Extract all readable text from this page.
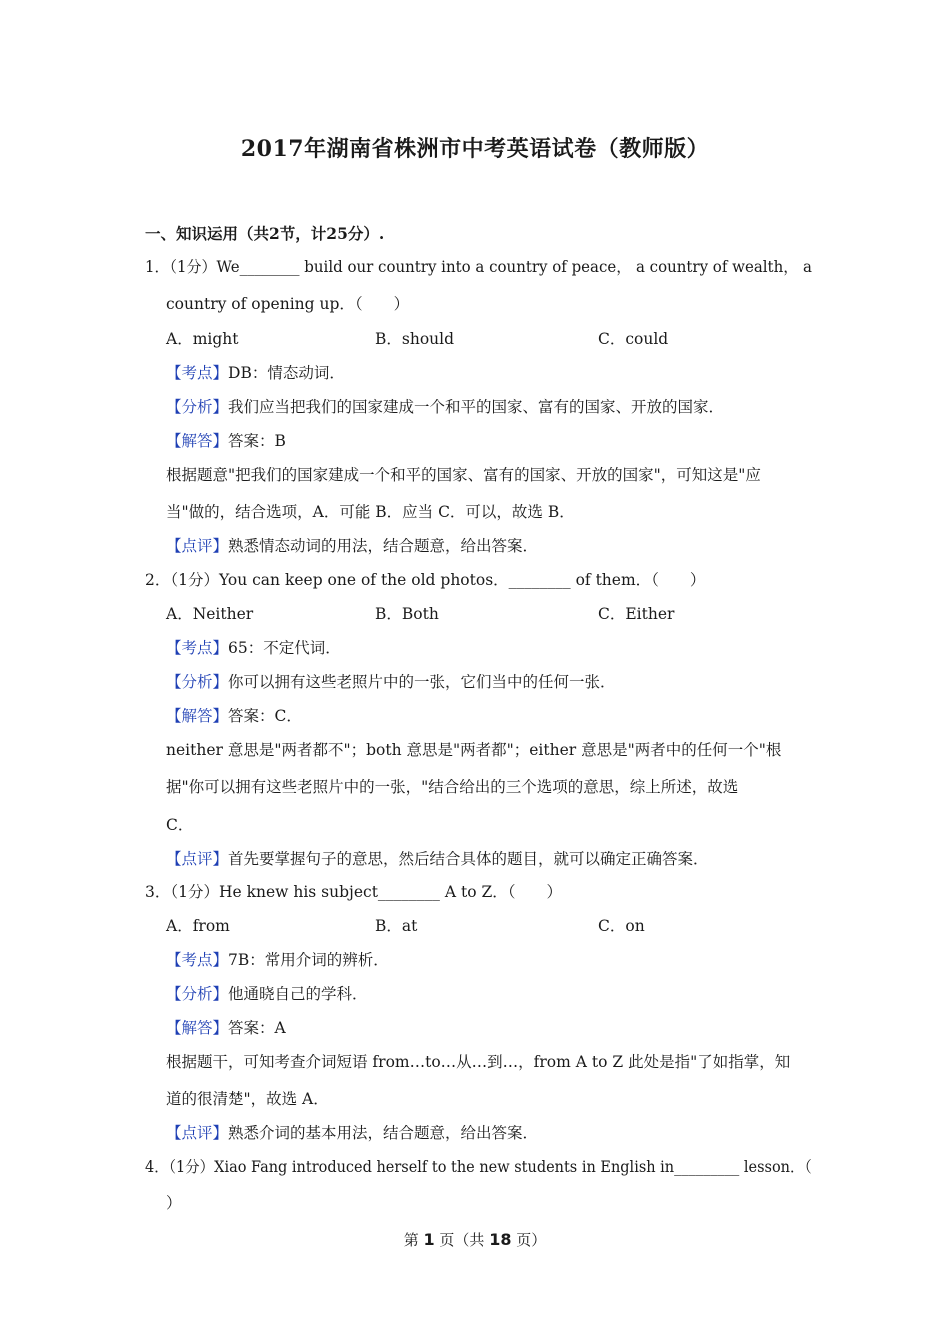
2017年湖南省株洲市中考英语试卷（教师版）
一、知识运用（共2节，计25分）.
1．（1分）We________ build our country into a country of peace， a country of wealth， a
country of opening up．（　　）
A．might	B．should	C．could
【考点】DB：情态动词．
【分析】我们应当把我们的国家建成一个和平的国家、富有的国家、开放的国家．
【解答】答案：B
根据题意"把我们的国家建成一个和平的国家、富有的国家、开放的国家"，可知这是"应
当"做的，结合选项，A．可能 B．应当 C．可以，故选 B．
【点评】熟悉情态动词的用法，结合题意，给出答案．
2．（1分）You can keep one of the old photos．________ of them．（　　）
A．Neither	B．Both	C．Either
【考点】65：不定代词．
【分析】你可以拥有这些老照片中的一张，它们当中的任何一张．
【解答】答案：C．
neither 意思是"两者都不"；both 意思是"两者都"；either 意思是"两者中的任何一个"根
据"你可以拥有这些老照片中的一张，"结合给出的三个选项的意思，综上所述，故选
C．
【点评】首先要掌握句子的意思，然后结合具体的题目，就可以确定正确答案．
3．（1分）He knew his subject________ A to Z．（　　）
A．from	B．at	C．on
【考点】7B：常用介词的辨析．
【分析】他通晓自己的学科．
【解答】答案：A
根据题干，可知考查介词短语 from…to…从…到…，from A to Z 此处是指"了如指掌，知
道的很清楚"，故选 A．
【点评】熟悉介词的基本用法，结合题意，给出答案．
4．（1分）Xiao Fang introduced herself to the new students in English in_________ lesson．（
）
第 1 页（共 18 页）
